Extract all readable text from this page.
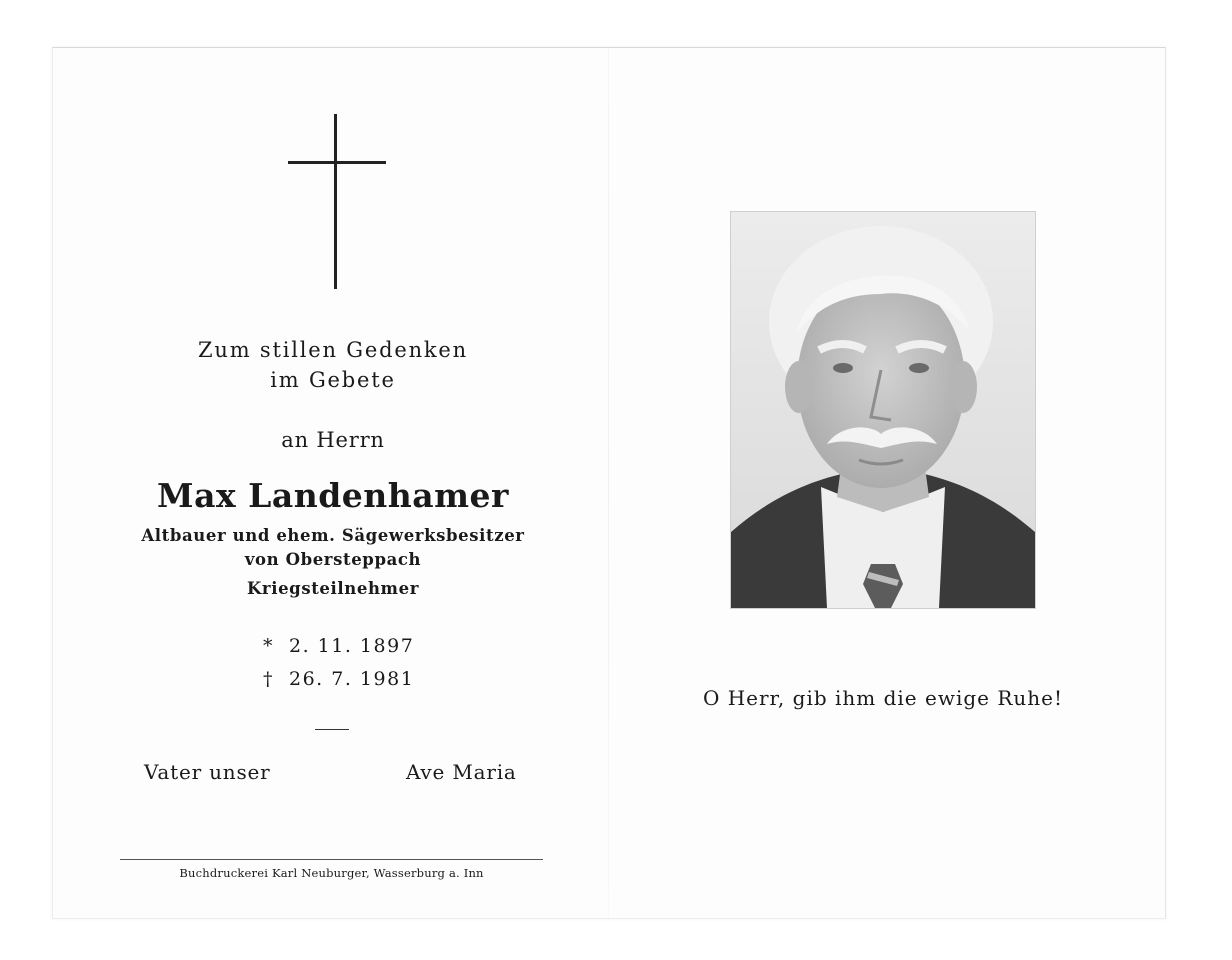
Zum stillen Gedenken
im Gebete
an Herrn
Max Landenhamer
Altbauer und ehem. Sägewerksbesitzer
von Obersteppach
Kriegsteilnehmer
* 2. 11. 1897
† 26. 7. 1981
Vater unser	Ave Maria
Buchdruckerei Karl Neuburger, Wasserburg a. Inn
O Herr, gib ihm die ewige Ruhe!
